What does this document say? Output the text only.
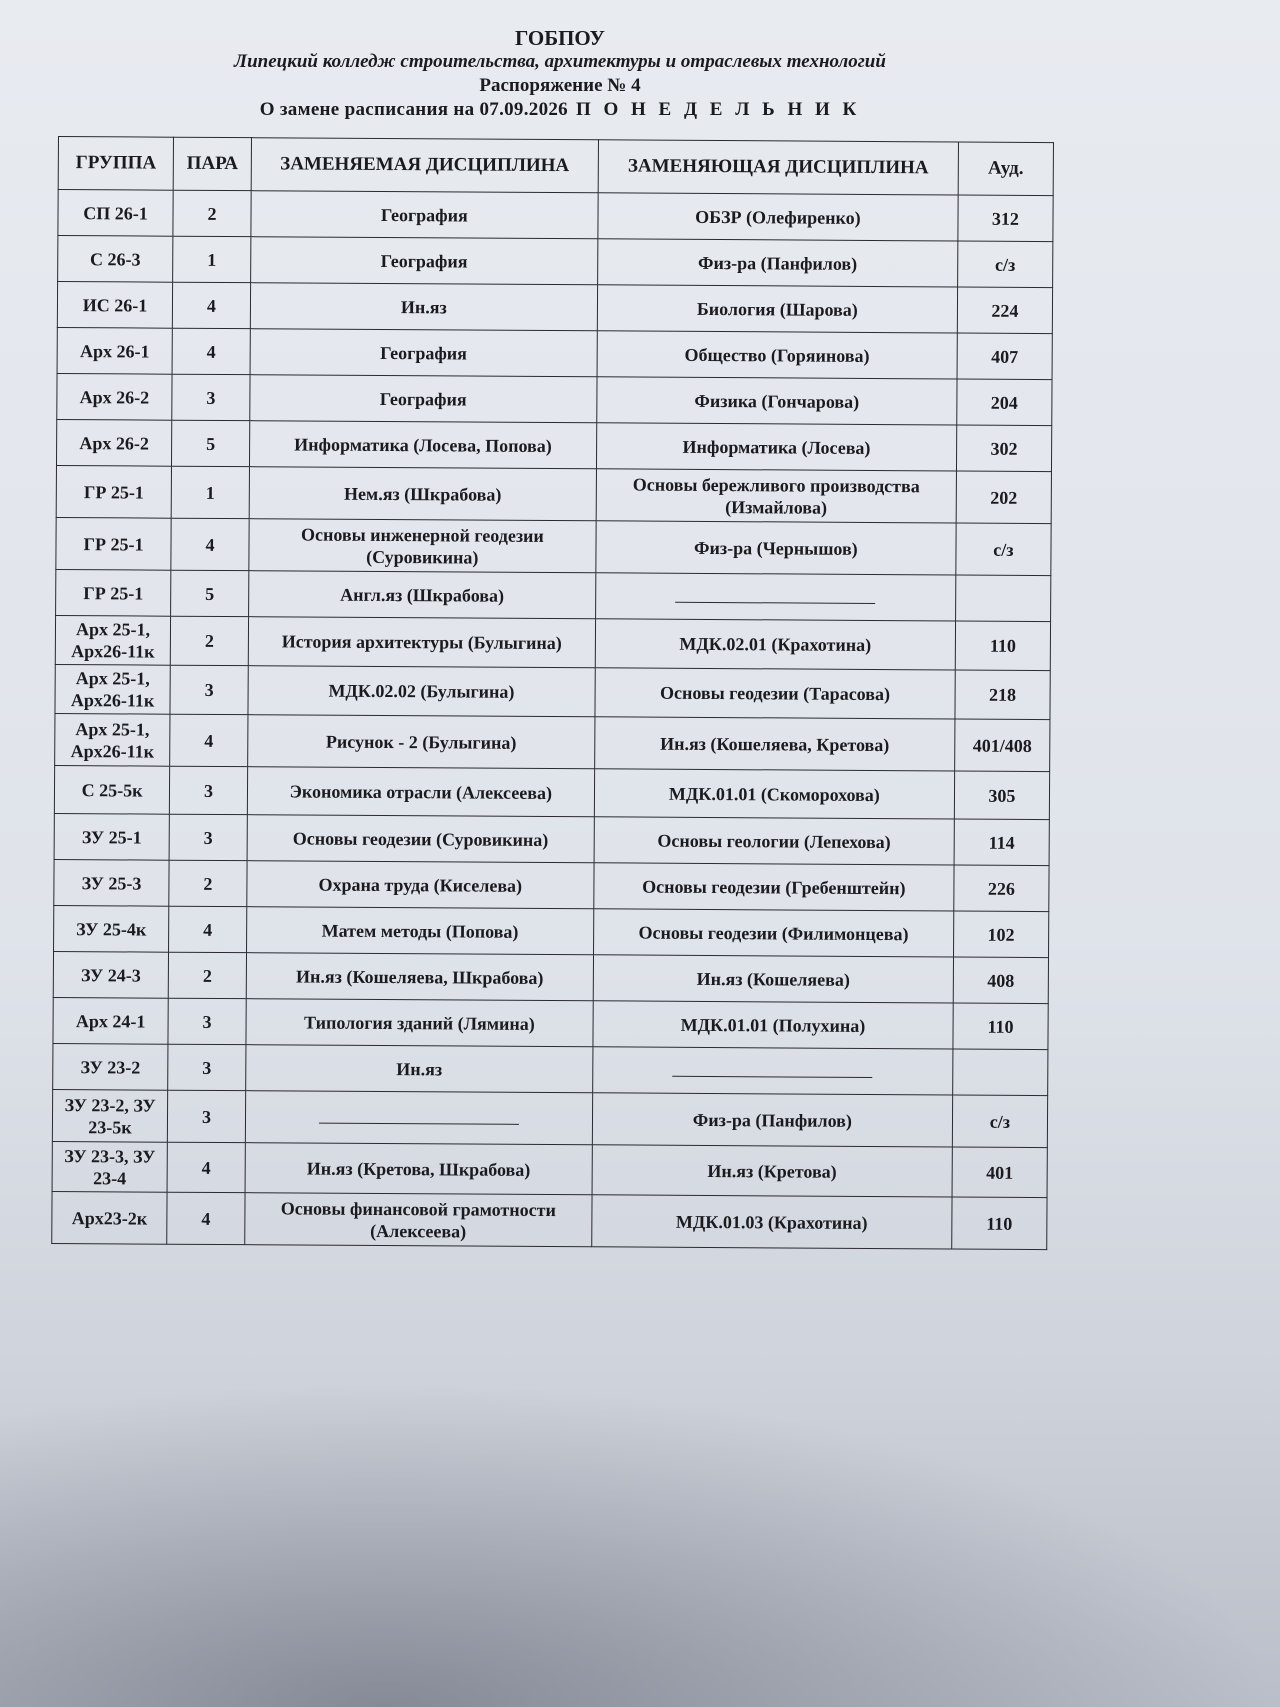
ГОБПОУ
Липецкий колледж строительства, архитектуры и отраслевых технологий
Распоряжение № 4
О замене расписания на 07.09.2026 П О Н Е Д Е Л Ь Н И К
ГРУППА	ПАРА	ЗАМЕНЯЕМАЯ ДИСЦИПЛИНА	ЗАМЕНЯЮЩАЯ ДИСЦИПЛИНА	Ауд.
СП 26-1	2	География	ОБЗР (Олефиренко)	312
С 26-3	1	География	Физ-ра (Панфилов)	с/з
ИС 26-1	4	Ин.яз	Биология (Шарова)	224
Арх 26-1	4	География	Общество (Горяинова)	407
Арх 26-2	3	География	Физика (Гончарова)	204
Арх 26-2	5	Информатика (Лосева, Попова)	Информатика (Лосева)	302
ГР 25-1	1	Нем.яз (Шкрабова)	Основы бережливого производства (Измайлова)	202
ГР 25-1	4	Основы инженерной геодезии (Суровикина)	Физ-ра (Чернышов)	с/з
ГР 25-1	5	Англ.яз (Шкрабова)		
Арх 25-1, Арх26-11к	2	История архитектуры (Булыгина)	МДК.02.01 (Крахотина)	110
Арх 25-1, Арх26-11к	3	МДК.02.02 (Булыгина)	Основы геодезии (Тарасова)	218
Арх 25-1, Арх26-11к	4	Рисунок - 2 (Булыгина)	Ин.яз (Кошеляева, Кретова)	401/408
С 25-5к	3	Экономика отрасли (Алексеева)	МДК.01.01 (Скоморохова)	305
ЗУ 25-1	3	Основы геодезии (Суровикина)	Основы геологии (Лепехова)	114
ЗУ 25-3	2	Охрана труда (Киселева)	Основы геодезии (Гребенштейн)	226
ЗУ 25-4к	4	Матем методы (Попова)	Основы геодезии (Филимонцева)	102
ЗУ 24-3	2	Ин.яз (Кошеляева, Шкрабова)	Ин.яз (Кошеляева)	408
Арх 24-1	3	Типология зданий (Лямина)	МДК.01.01 (Полухина)	110
ЗУ 23-2	3	Ин.яз		
ЗУ 23-2, ЗУ 23-5к	3		Физ-ра (Панфилов)	с/з
ЗУ 23-3, ЗУ 23-4	4	Ин.яз (Кретова, Шкрабова)	Ин.яз (Кретова)	401
Арх23-2к	4	Основы финансовой грамотности (Алексеева)	МДК.01.03 (Крахотина)	110
